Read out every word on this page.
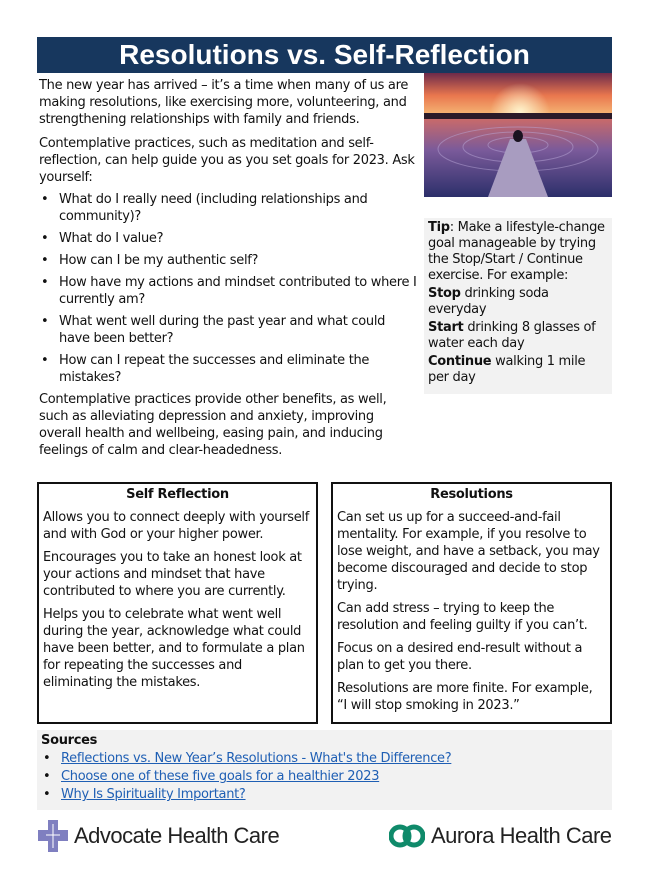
Resolutions vs. Self-Reflection

The new year has arrived – it’s a time when many of us are making resolutions, like exercising more, volunteering, and strengthening relationships with family and friends.

Contemplative practices, such as meditation and self-reflection, can help guide you as you set goals for 2023. Ask yourself:

• What do I really need (including relationships and community)?
• What do I value?
• How can I be my authentic self?
• How have my actions and mindset contributed to where I currently am?
• What went well during the past year and what could have been better?
• How can I repeat the successes and eliminate the mistakes?

Contemplative practices provide other benefits, as well, such as alleviating depression and anxiety, improving overall health and wellbeing, easing pain, and inducing feelings of calm and clear-headedness.

Tip: Make a lifestyle-change goal manageable by trying the Stop/Start / Continue exercise. For example:

Stop drinking soda everyday

Start drinking 8 glasses of water each day

Continue walking 1 mile per day

Self Reflection

Allows you to connect deeply with yourself and with God or your higher power.

Encourages you to take an honest look at your actions and mindset that have contributed to where you are currently.

Helps you to celebrate what went well during the year, acknowledge what could have been better, and to formulate a plan for repeating the successes and eliminating the mistakes.

Resolutions

Can set us up for a succeed-and-fail mentality. For example, if you resolve to lose weight, and have a setback, you may become discouraged and decide to stop trying.

Can add stress – trying to keep the resolution and feeling guilty if you can’t.

Focus on a desired end-result without a plan to get you there.

Resolutions are more finite. For example, “I will stop smoking in 2023.”

Sources
• Reflections vs. New Year’s Resolutions - What's the Difference?
• Choose one of these five goals for a healthier 2023
• Why Is Spirituality Important?
Advocate Health Care	Aurora Health Care
